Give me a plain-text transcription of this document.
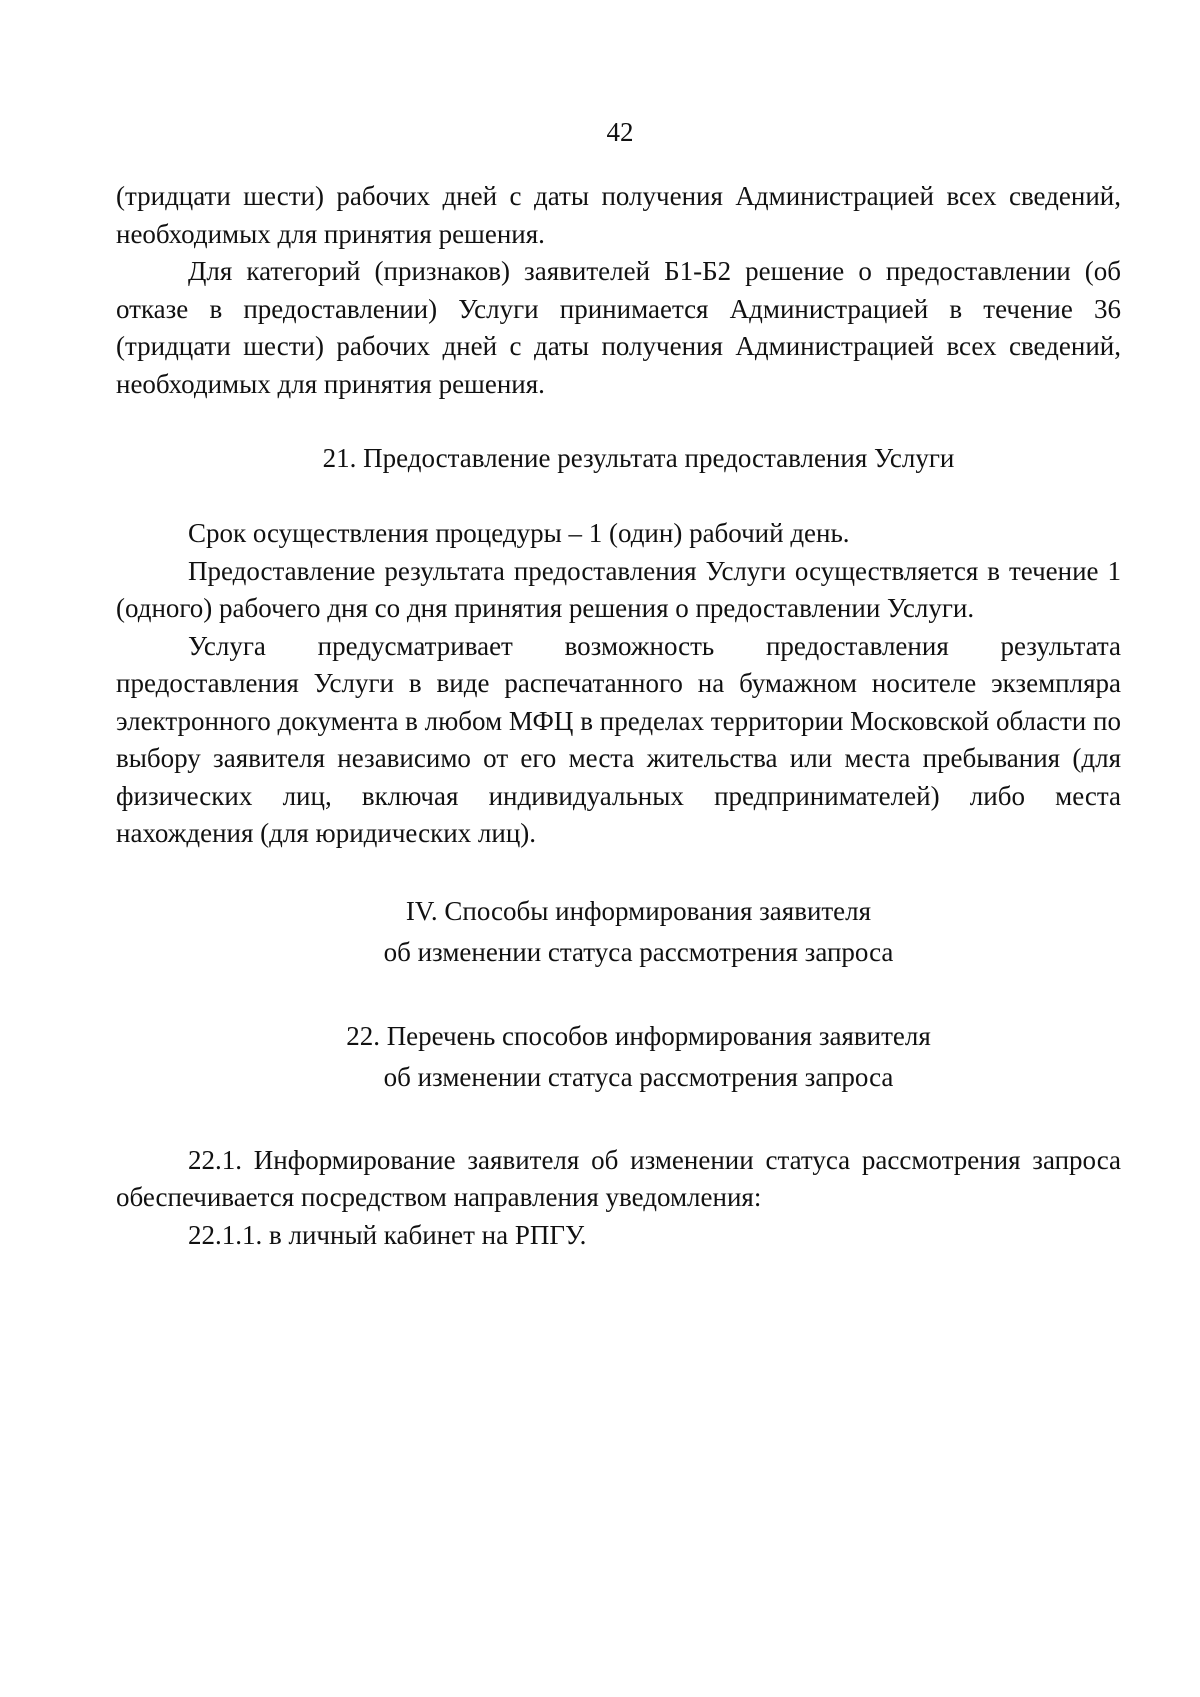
42

(тридцати шести) рабочих дней с даты получения Администрацией всех сведений, необходимых для принятия решения.

Для категорий (признаков) заявителей Б1-Б2 решение о предоставлении (об отказе в предоставлении) Услуги принимается Администрацией в течение 36 (тридцати шести) рабочих дней с даты получения Администрацией всех сведений, необходимых для принятия решения.

21. Предоставление результата предоставления Услуги

Срок осуществления процедуры – 1 (один) рабочий день.

Предоставление результата предоставления Услуги осуществляется в течение 1 (одного) рабочего дня со дня принятия решения о предоставлении Услуги.

Услуга предусматривает возможность предоставления результата предоставления Услуги в виде распечатанного на бумажном носителе экземпляра электронного документа в любом МФЦ в пределах территории Московской области по выбору заявителя независимо от его места жительства или места пребывания (для физических лиц, включая индивидуальных предпринимателей) либо места нахождения (для юридических лиц).

IV. Способы информирования заявителя
об изменении статуса рассмотрения запроса
22. Перечень способов информирования заявителя
об изменении статуса рассмотрения запроса

22.1. Информирование заявителя об изменении статуса рассмотрения запроса обеспечивается посредством направления уведомления:

22.1.1. в личный кабинет на РПГУ.
